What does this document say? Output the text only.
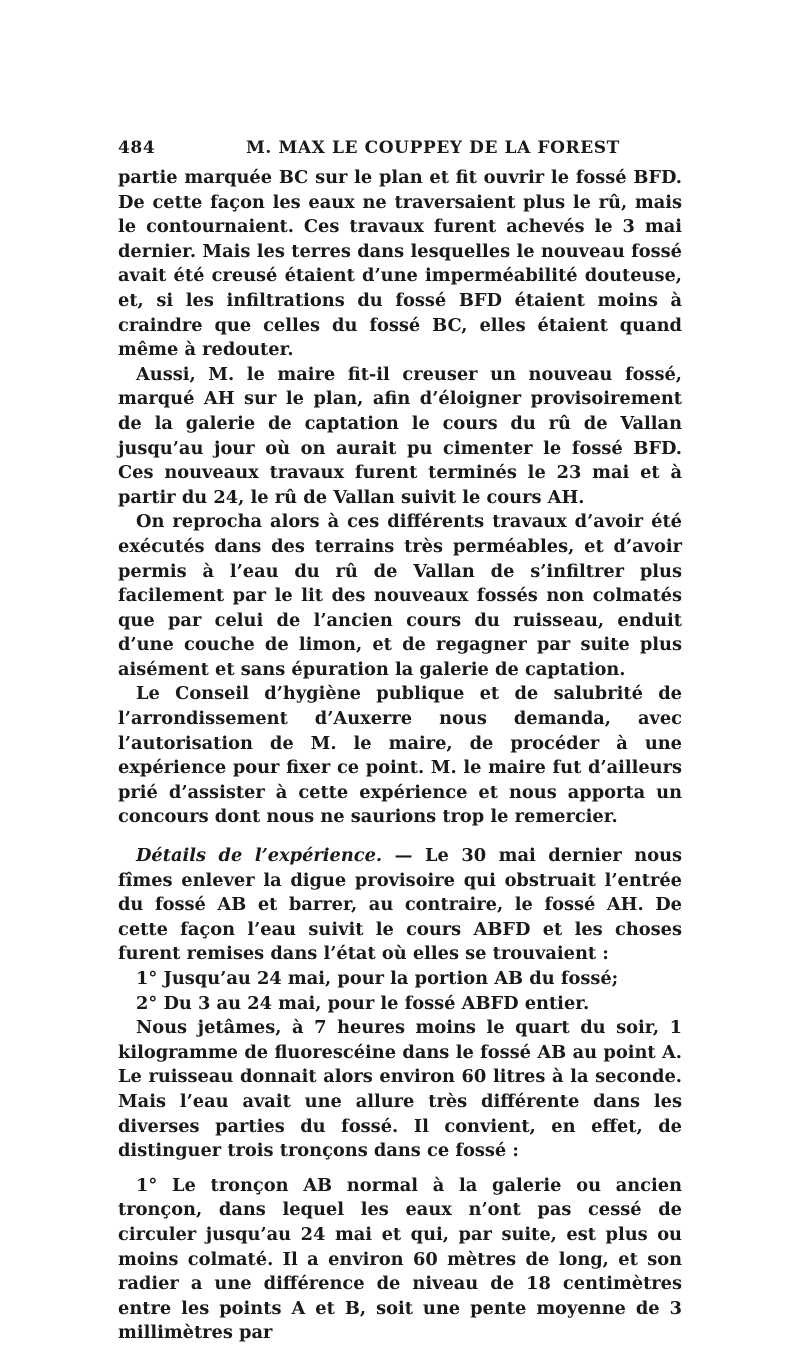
484	M. MAX LE COUPPEY DE LA FOREST

partie marquée BC sur le plan et fit ouvrir le fossé BFD. De cette façon les eaux ne traversaient plus le rû, mais le contournaient. Ces travaux furent achevés le 3 mai dernier. Mais les terres dans lesquelles le nouveau fossé avait été creusé étaient d’une imperméabilité douteuse, et, si les infiltrations du fossé BFD étaient moins à craindre que celles du fossé BC, elles étaient quand même à redouter.

Aussi, M. le maire fit-il creuser un nouveau fossé, marqué AH sur le plan, afin d’éloigner provisoirement de la galerie de captation le cours du rû de Vallan jusqu’au jour où on aurait pu cimenter le fossé BFD. Ces nouveaux travaux furent terminés le 23 mai et à partir du 24, le rû de Vallan suivit le cours AH.

On reprocha alors à ces différents travaux d’avoir été exécutés dans des terrains très perméables, et d’avoir permis à l’eau du rû de Vallan de s’infiltrer plus facilement par le lit des nouveaux fossés non colmatés que par celui de l’ancien cours du ruisseau, enduit d’une couche de limon, et de regagner par suite plus aisément et sans épuration la galerie de captation.

Le Conseil d’hygiène publique et de salubrité de l’arrondissement d’Auxerre nous demanda, avec l’autorisation de M. le maire, de procéder à une expérience pour fixer ce point. M. le maire fut d’ailleurs prié d’assister à cette expérience et nous apporta un concours dont nous ne saurions trop le remercier.

Détails de l’expérience. — Le 30 mai dernier nous fîmes enlever la digue provisoire qui obstruait l’entrée du fossé AB et barrer, au contraire, le fossé AH. De cette façon l’eau suivit le cours ABFD et les choses furent remises dans l’état où elles se trouvaient :

1° Jusqu’au 24 mai, pour la portion AB du fossé;

2° Du 3 au 24 mai, pour le fossé ABFD entier.

Nous jetâmes, à 7 heures moins le quart du soir, 1 kilogramme de fluorescéine dans le fossé AB au point A. Le ruisseau donnait alors environ 60 litres à la seconde. Mais l’eau avait une allure très différente dans les diverses parties du fossé. Il convient, en effet, de distinguer trois tronçons dans ce fossé :

1° Le tronçon AB normal à la galerie ou ancien tronçon, dans lequel les eaux n’ont pas cessé de circuler jusqu’au 24 mai et qui, par suite, est plus ou moins colmaté. Il a environ 60 mètres de long, et son radier a une différence de niveau de 18 centimètres entre les points A et B, soit une pente moyenne de 3 millimètres par
